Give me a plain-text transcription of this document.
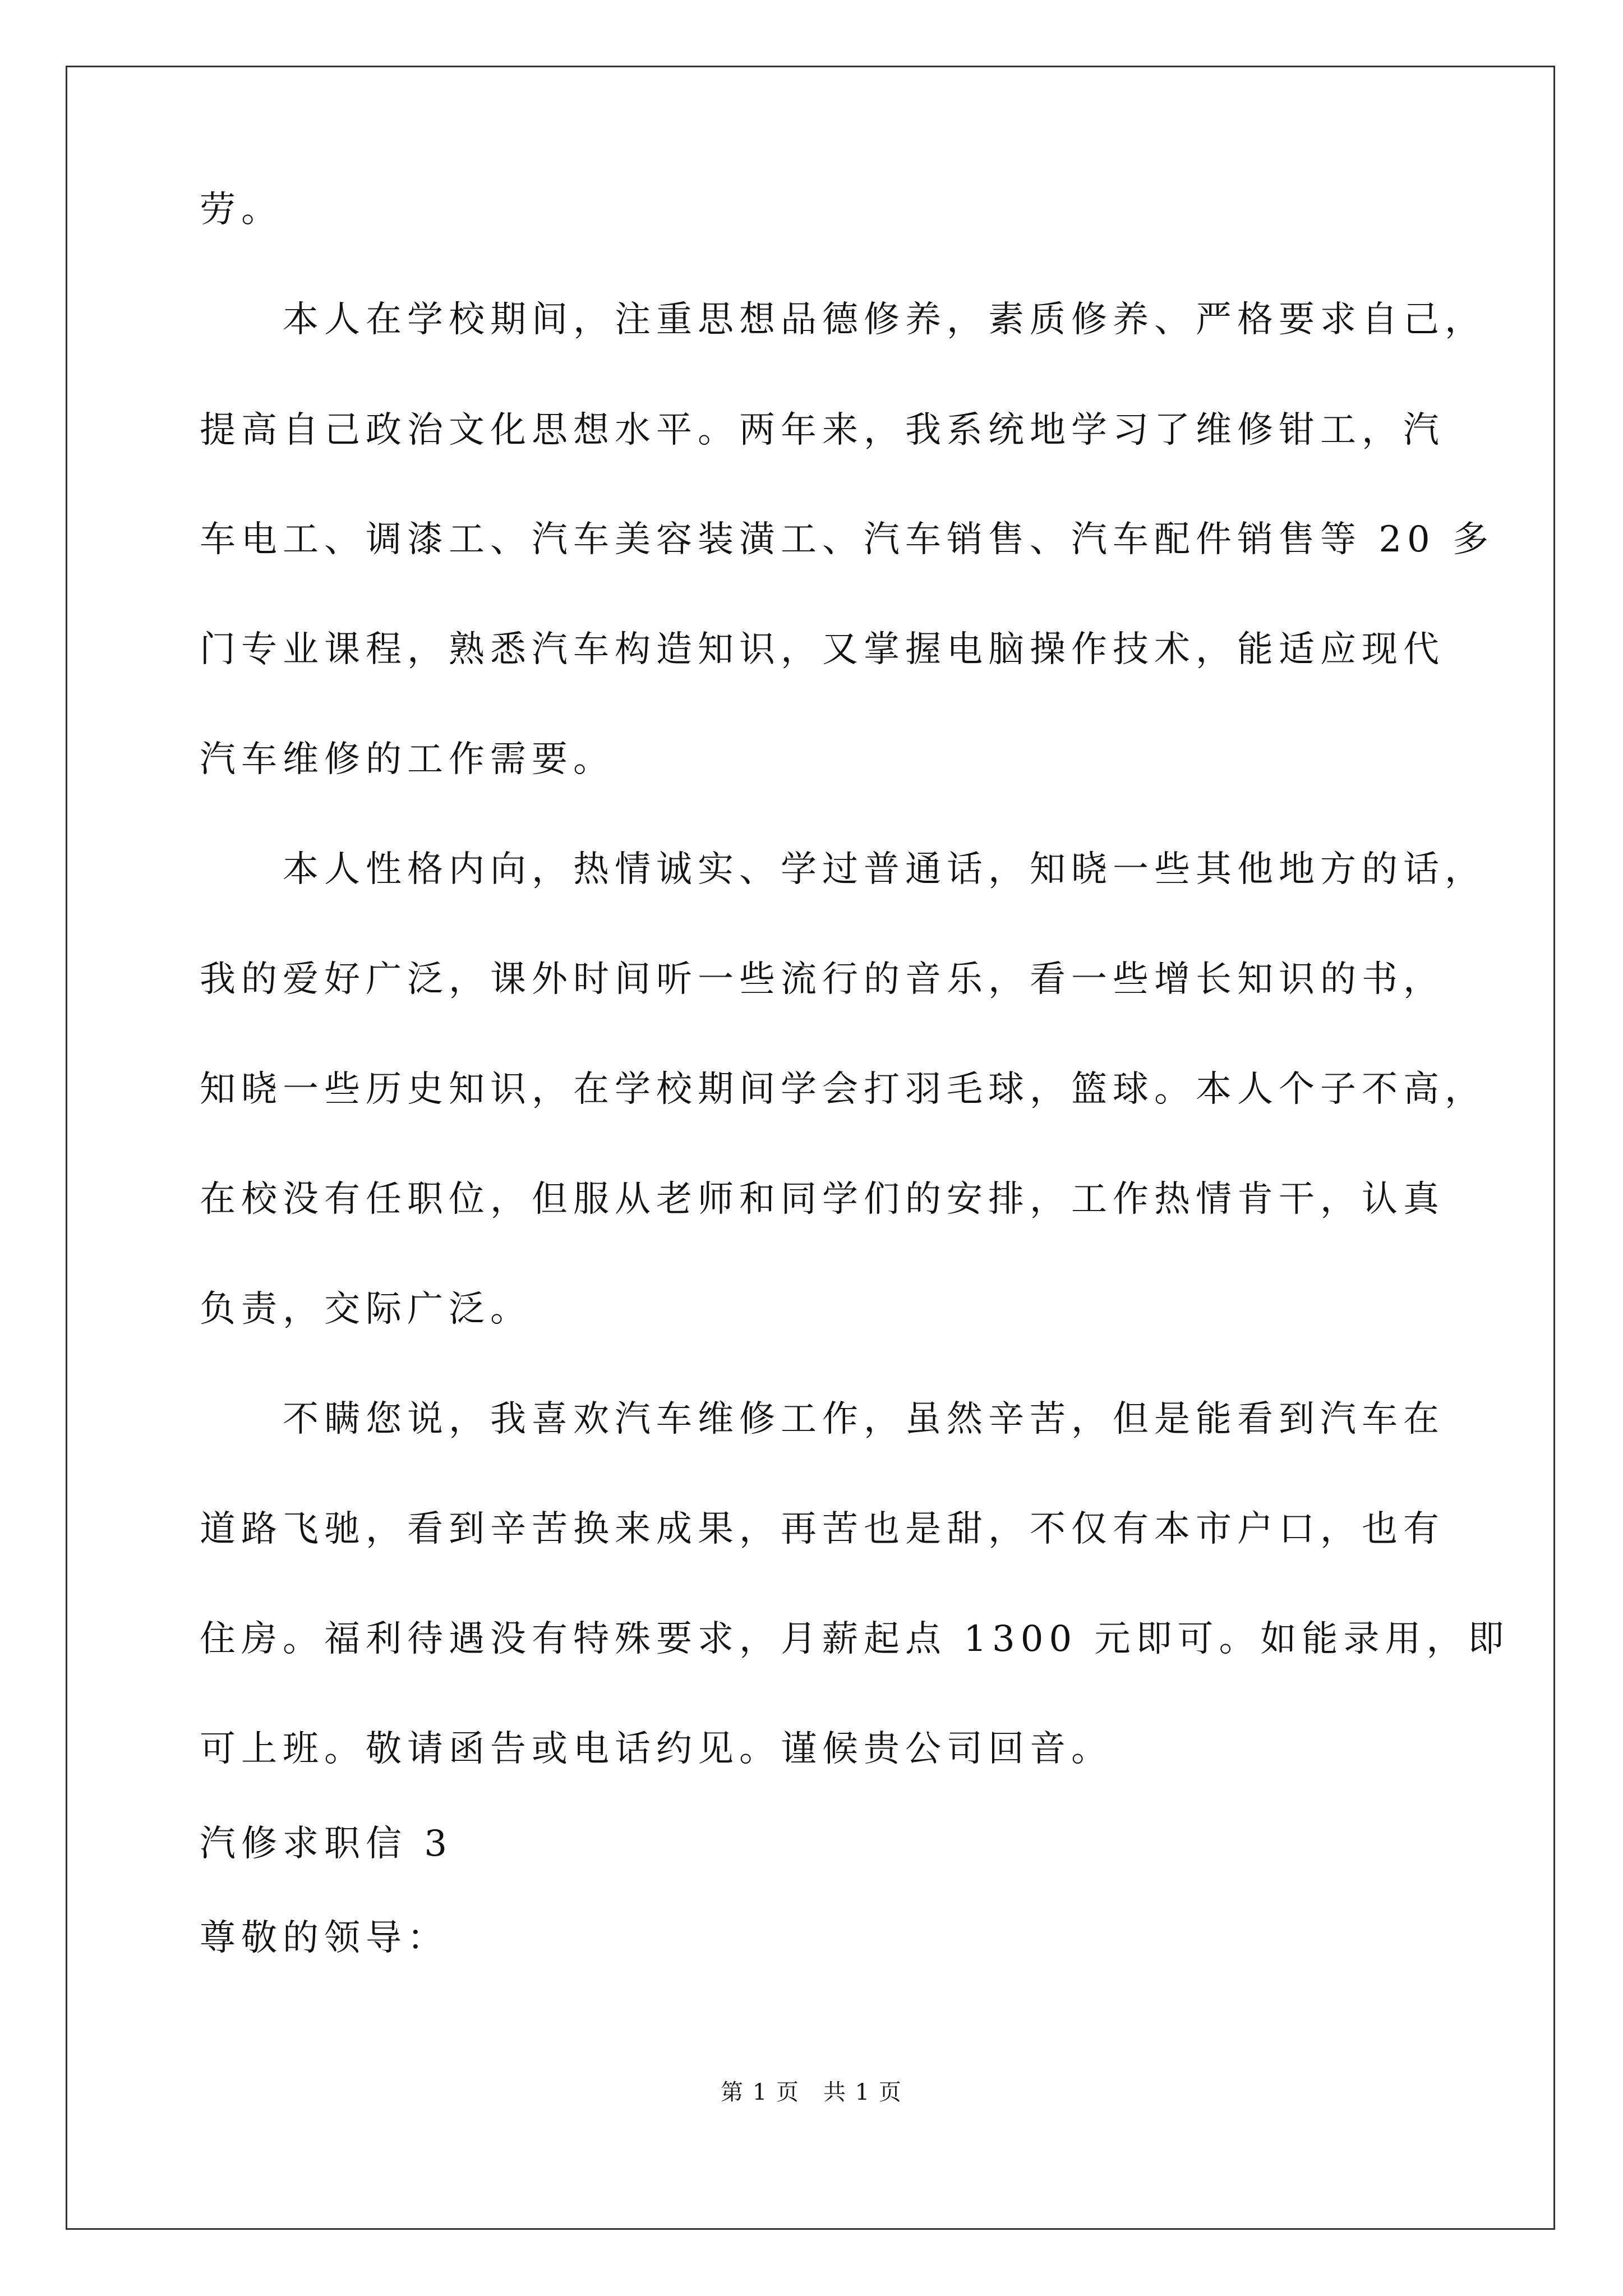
劳。
　　本人在学校期间，注重思想品德修养，素质修养、严格要求自己，
提高自己政治文化思想水平。两年来，我系统地学习了维修钳工，汽
车电工、调漆工、汽车美容装潢工、汽车销售、汽车配件销售等 20 多
门专业课程，熟悉汽车构造知识，又掌握电脑操作技术，能适应现代
汽车维修的工作需要。
　　本人性格内向，热情诚实、学过普通话，知晓一些其他地方的话，
我的爱好广泛，课外时间听一些流行的音乐，看一些增长知识的书，
知晓一些历史知识，在学校期间学会打羽毛球，篮球。本人个子不高，
在校没有任职位，但服从老师和同学们的安排，工作热情肯干，认真
负责，交际广泛。
　　不瞒您说，我喜欢汽车维修工作，虽然辛苦，但是能看到汽车在
道路飞驰，看到辛苦换来成果，再苦也是甜，不仅有本市户口，也有
住房。福利待遇没有特殊要求，月薪起点 1300 元即可。如能录用，即
可上班。敬请函告或电话约见。谨候贵公司回音。
汽修求职信 3
尊敬的领导：
第 1 页　共 1 页
